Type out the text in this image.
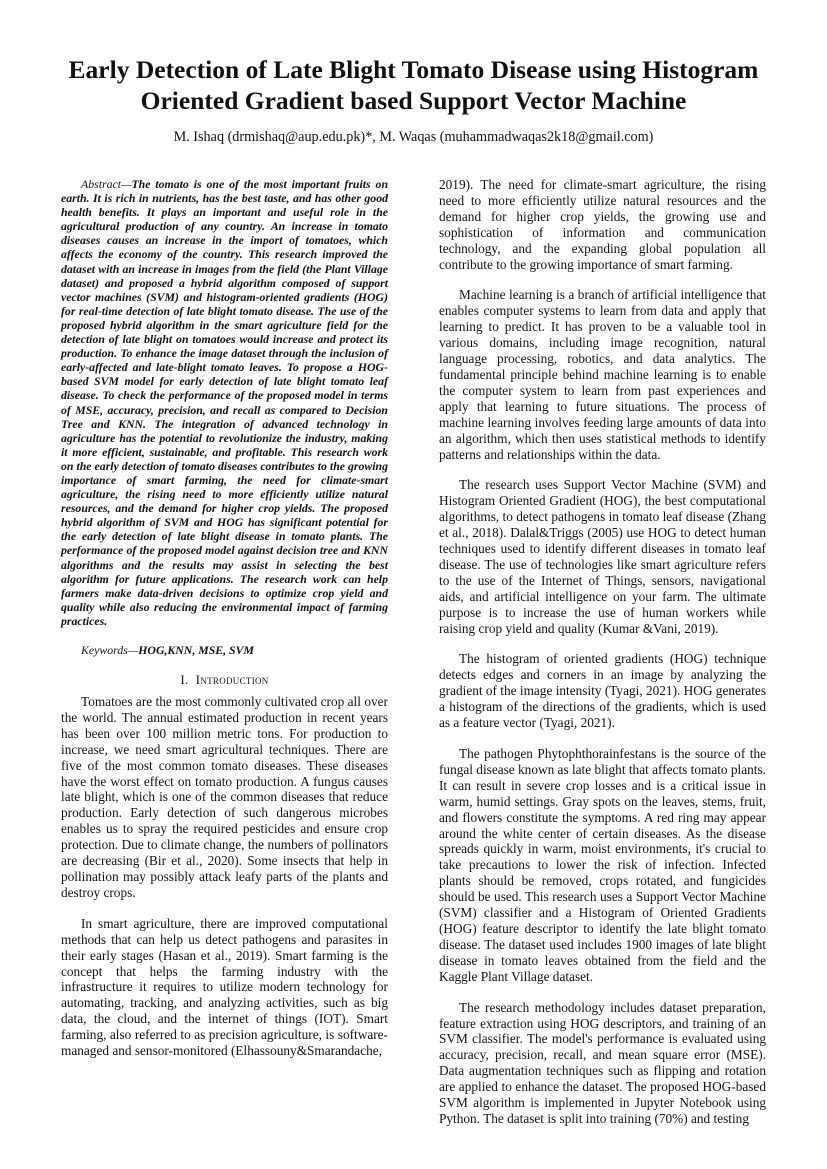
Early Detection of Late Blight Tomato Disease using Histogram
Oriented Gradient based Support Vector Machine
M. Ishaq (drmishaq@aup.edu.pk)*, M. Waqas (muhammadwaqas2k18@gmail.com)

Abstract—The tomato is one of the most important fruits on earth. It is rich in nutrients, has the best taste, and has other good health benefits. It plays an important and useful role in the agricultural production of any country. An increase in tomato diseases causes an increase in the import of tomatoes, which affects the economy of the country. This research improved the dataset with an increase in images from the field (the Plant Village dataset) and proposed a hybrid algorithm composed of support vector machines (SVM) and histogram-oriented gradients (HOG) for real-time detection of late blight tomato disease. The use of the proposed hybrid algorithm in the smart agriculture field for the detection of late blight on tomatoes would increase and protect its production. To enhance the image dataset through the inclusion of early-affected and late-blight tomato leaves. To propose a HOG-based SVM model for early detection of late blight tomato leaf disease. To check the performance of the proposed model in terms of MSE, accuracy, precision, and recall as compared to Decision Tree and KNN. The integration of advanced technology in agriculture has the potential to revolutionize the industry, making it more efficient, sustainable, and profitable. This research work on the early detection of tomato diseases contributes to the growing importance of smart farming, the need for climate-smart agriculture, the rising need to more efficiently utilize natural resources, and the demand for higher crop yields. The proposed hybrid algorithm of SVM and HOG has significant potential for the early detection of late blight disease in tomato plants. The performance of the proposed model against decision tree and KNN algorithms and the results may assist in selecting the best algorithm for future applications. The research work can help farmers make data-driven decisions to optimize crop yield and quality while also reducing the environmental impact of farming practices.

Keywords—HOG,KNN, MSE, SVM

I. Introduction

Tomatoes are the most commonly cultivated crop all over the world. The annual estimated production in recent years has been over 100 million metric tons. For production to increase, we need smart agricultural techniques. There are five of the most common tomato diseases. These diseases have the worst effect on tomato production. A fungus causes late blight, which is one of the common diseases that reduce production. Early detection of such dangerous microbes enables us to spray the required pesticides and ensure crop protection. Due to climate change, the numbers of pollinators are decreasing (Bir et al., 2020). Some insects that help in pollination may possibly attack leafy parts of the plants and destroy crops.

In smart agriculture, there are improved computational methods that can help us detect pathogens and parasites in their early stages (Hasan et al., 2019). Smart farming is the concept that helps the farming industry with the infrastructure it requires to utilize modern technology for automating, tracking, and analyzing activities, such as big data, the cloud, and the internet of things (IOT). Smart farming, also referred to as precision agriculture, is software-managed and sensor-monitored (Elhassouny&Smarandache,

2019). The need for climate-smart agriculture, the rising need to more efficiently utilize natural resources and the demand for higher crop yields, the growing use and sophistication of information and communication technology, and the expanding global population all contribute to the growing importance of smart farming.

Machine learning is a branch of artificial intelligence that enables computer systems to learn from data and apply that learning to predict. It has proven to be a valuable tool in various domains, including image recognition, natural language processing, robotics, and data analytics. The fundamental principle behind machine learning is to enable the computer system to learn from past experiences and apply that learning to future situations. The process of machine learning involves feeding large amounts of data into an algorithm, which then uses statistical methods to identify patterns and relationships within the data.

The research uses Support Vector Machine (SVM) and Histogram Oriented Gradient (HOG), the best computational algorithms, to detect pathogens in tomato leaf disease (Zhang et al., 2018). Dalal&Triggs (2005) use HOG to detect human techniques used to identify different diseases in tomato leaf disease. The use of technologies like smart agriculture refers to the use of the Internet of Things, sensors, navigational aids, and artificial intelligence on your farm. The ultimate purpose is to increase the use of human workers while raising crop yield and quality (Kumar &Vani, 2019).

The histogram of oriented gradients (HOG) technique detects edges and corners in an image by analyzing the gradient of the image intensity (Tyagi, 2021). HOG generates a histogram of the directions of the gradients, which is used as a feature vector (Tyagi, 2021).

The pathogen Phytophthorainfestans is the source of the fungal disease known as late blight that affects tomato plants. It can result in severe crop losses and is a critical issue in warm, humid settings. Gray spots on the leaves, stems, fruit, and flowers constitute the symptoms. A red ring may appear around the white center of certain diseases. As the disease spreads quickly in warm, moist environments, it's crucial to take precautions to lower the risk of infection. Infected plants should be removed, crops rotated, and fungicides should be used. This research uses a Support Vector Machine (SVM) classifier and a Histogram of Oriented Gradients (HOG) feature descriptor to identify the late blight tomato disease. The dataset used includes 1900 images of late blight disease in tomato leaves obtained from the field and the Kaggle Plant Village dataset.

The research methodology includes dataset preparation, feature extraction using HOG descriptors, and training of an SVM classifier. The model's performance is evaluated using accuracy, precision, recall, and mean square error (MSE). Data augmentation techniques such as flipping and rotation are applied to enhance the dataset. The proposed HOG-based SVM algorithm is implemented in Jupyter Notebook using Python. The dataset is split into training (70%) and testing
